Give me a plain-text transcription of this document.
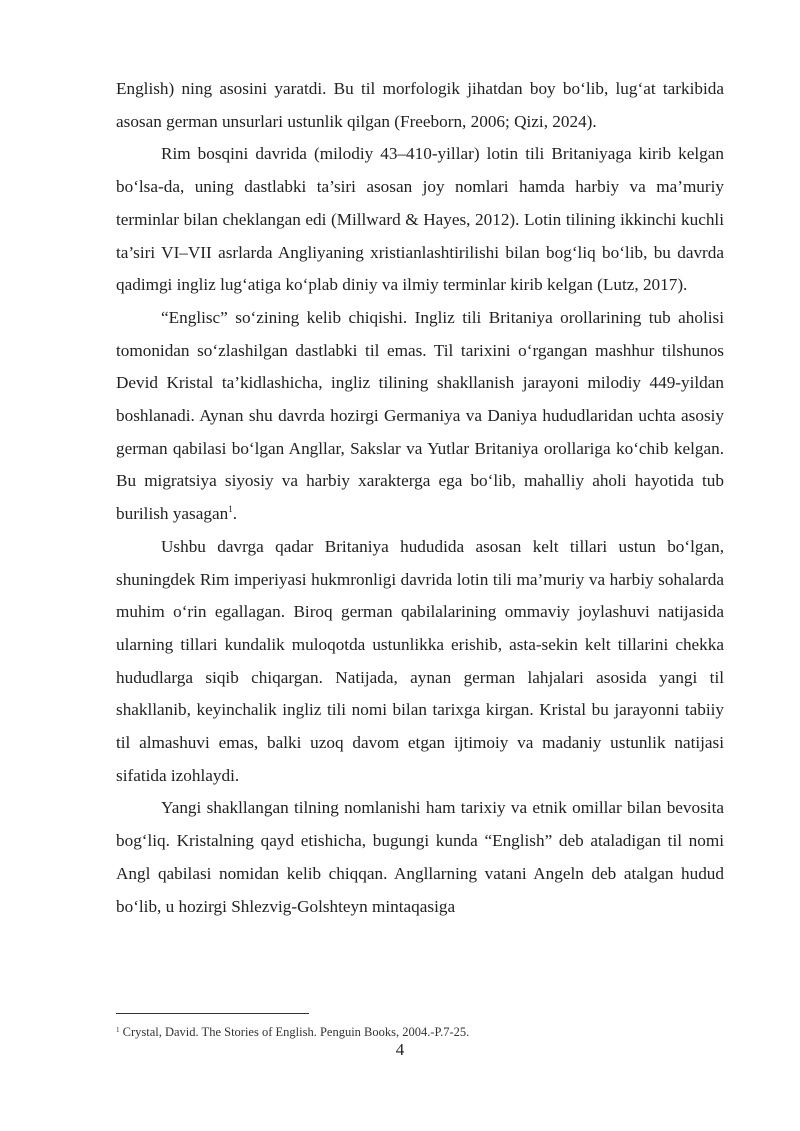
English) ning asosini yaratdi. Bu til morfologik jihatdan boy bo‘lib, lug‘at tarkibida asosan german unsurlari ustunlik qilgan (Freeborn, 2006; Qizi, 2024).

Rim bosqini davrida (milodiy 43–410-yillar) lotin tili Britaniyaga kirib kelgan bo‘lsa-da, uning dastlabki ta’siri asosan joy nomlari hamda harbiy va ma’muriy terminlar bilan cheklangan edi (Millward & Hayes, 2012). Lotin tilining ikkinchi kuchli ta’siri VI–VII asrlarda Angliyaning xristianlashtirilishi bilan bog‘liq bo‘lib, bu davrda qadimgi ingliz lug‘atiga ko‘plab diniy va ilmiy terminlar kirib kelgan (Lutz, 2017).

“Englisc” so‘zining kelib chiqishi. Ingliz tili Britaniya orollarining tub aholisi tomonidan so‘zlashilgan dastlabki til emas. Til tarixini o‘rgangan mashhur tilshunos Devid Kristal ta’kidlashicha, ingliz tilining shakllanish jarayoni milodiy 449-yildan boshlanadi. Aynan shu davrda hozirgi Germaniya va Daniya hududlaridan uchta asosiy german qabilasi bo‘lgan Angllar, Sakslar va Yutlar Britaniya orollariga ko‘chib kelgan. Bu migratsiya siyosiy va harbiy xarakterga ega bo‘lib, mahalliy aholi hayotida tub burilish yasagan$^1$.

Ushbu davrga qadar Britaniya hududida asosan kelt tillari ustun bo‘lgan, shuningdek Rim imperiyasi hukmronligi davrida lotin tili ma’muriy va harbiy sohalarda muhim o‘rin egallagan. Biroq german qabilalarining ommaviy joylashuvi natijasida ularning tillari kundalik muloqotda ustunlikka erishib, asta-sekin kelt tillarini chekka hududlarga siqib chiqargan. Natijada, aynan german lahjalari asosida yangi til shakllanib, keyinchalik ingliz tili nomi bilan tarixga kirgan. Kristal bu jarayonni tabiiy til almashuvi emas, balki uzoq davom etgan ijtimoiy va madaniy ustunlik natijasi sifatida izohlaydi.

Yangi shakllangan tilning nomlanishi ham tarixiy va etnik omillar bilan bevosita bog‘liq. Kristalning qayd etishicha, bugungi kunda “English” deb ataladigan til nomi Angl qabilasi nomidan kelib chiqqan. Angllarning vatani Angeln deb atalgan hudud bo‘lib, u hozirgi Shlezvig-Golshteyn mintaqasiga

$^1$ Crystal, David. The Stories of English. Penguin Books, 2004.-P.7-25.
4
